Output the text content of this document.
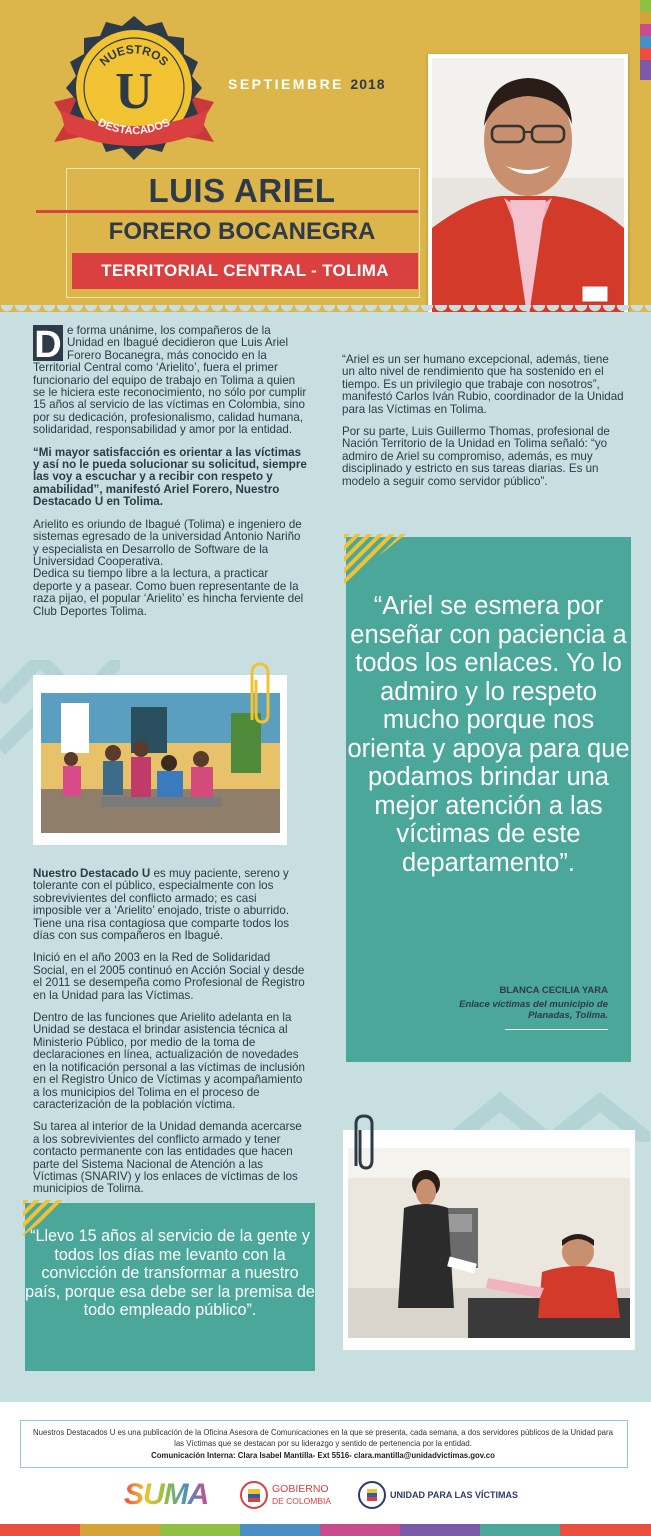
U
NUESTROS
DESTACADOS
SEPTIEMBRE 2018
LUIS ARIEL
FORERO BOCANEGRA
TERRITORIAL CENTRAL - TOLIMA

D e forma unánime, los compañeros de la Unidad en Ibagué decidieron que Luis Ariel Forero Bocanegra, más conocido en la Territorial Central como ‘Arielito’, fuera el primer funcionario del equipo de trabajo en Tolima a quien se le hiciera este reconocimiento, no sólo por cumplir 15 años al servicio de las víctimas en Colombia, sino por su dedicación, profesionalismo, calidad humana, solidaridad, responsabilidad y amor por la entidad.

“Mi mayor satisfacción es orientar a las víctimas y así no le pueda solucionar su solicitud, siempre las voy a escuchar y a recibir con respeto y amabilidad”, manifestó Ariel Forero, Nuestro Destacado U en Tolima.

Arielito es oriundo de Ibagué (Tolima) e ingeniero de sistemas egresado de la universidad Antonio Nariño y especialista en Desarrollo de Software de la Universidad Cooperativa.

Dedica su tiempo libre a la lectura, a practicar deporte y a pasear. Como buen representante de la raza pijao, el popular ‘Arielito’ es hincha ferviente del Club Deportes Tolima.

“Ariel es un ser humano excepcional, además, tiene un alto nivel de rendimiento que ha sostenido en el tiempo. Es un privilegio que trabaje con nosotros”, manifestó Carlos Iván Rubio, coordinador de la Unidad para las Víctimas en Tolima.

Por su parte, Luis Guillermo Thomas, profesional de Nación Territorio de la Unidad en Tolima señaló: “yo admiro de Ariel su compromiso, además, es muy disciplinado y estricto en sus tareas diarias. Es un modelo a seguir como servidor público”.

“Ariel se esmera por enseñar con paciencia a todos los enlaces. Yo lo admiro y lo respeto mucho porque nos orienta y apoya para que podamos brindar una mejor atención a las víctimas de este departamento”.
BLANCA CECILIA YARA
Enlace víctimas del municipio de Planadas, Tolima.

Nuestro Destacado U es muy paciente, sereno y tolerante con el público, especialmente con los sobrevivientes del conflicto armado; es casi imposible ver a ‘Arielito’ enojado, triste o aburrido. Tiene una risa contagiosa que comparte todos los días con sus compañeros en Ibagué.

Inició en el año 2003 en la Red de Solidaridad Social, en el 2005 continuó en Acción Social y desde el 2011 se desempeña como Profesional de Registro en la Unidad para las Víctimas.

Dentro de las funciones que Arielito adelanta en la Unidad se destaca el brindar asistencia técnica al Ministerio Público, por medio de la toma de declaraciones en línea, actualización de novedades en la notificación personal a las víctimas de inclusión en el Registro Único de Víctimas y acompañamiento a los municipios del Tolima en el proceso de caracterización de la población víctima.

Su tarea al interior de la Unidad demanda acercarse a los sobrevivientes del conflicto armado y tener contacto permanente con las entidades que hacen parte del Sistema Nacional de Atención a las Víctimas (SNARIV) y los enlaces de víctimas de los municipios de Tolima.

“Llevo 15 años al servicio de la gente y todos los días me levanto con la convicción de transformar a nuestro país, porque esa debe ser la premisa de todo empleado público”.
Nuestros Destacados U es una publicación de la Oficina Asesora de Comunicaciones en la que se presenta, cada semana, a dos servidores públicos de la Unidad para las Víctimas que se destacan por su liderazgo y sentido de pertenencia por la entidad.
Comunicación Interna: Clara Isabel Mantilla- Ext 5516- clara.mantilla@unidadvictimas.gov.co
SUMA	GOBIERNO
DE COLOMBIA
UNIDAD PARA LAS VÍCTIMAS
